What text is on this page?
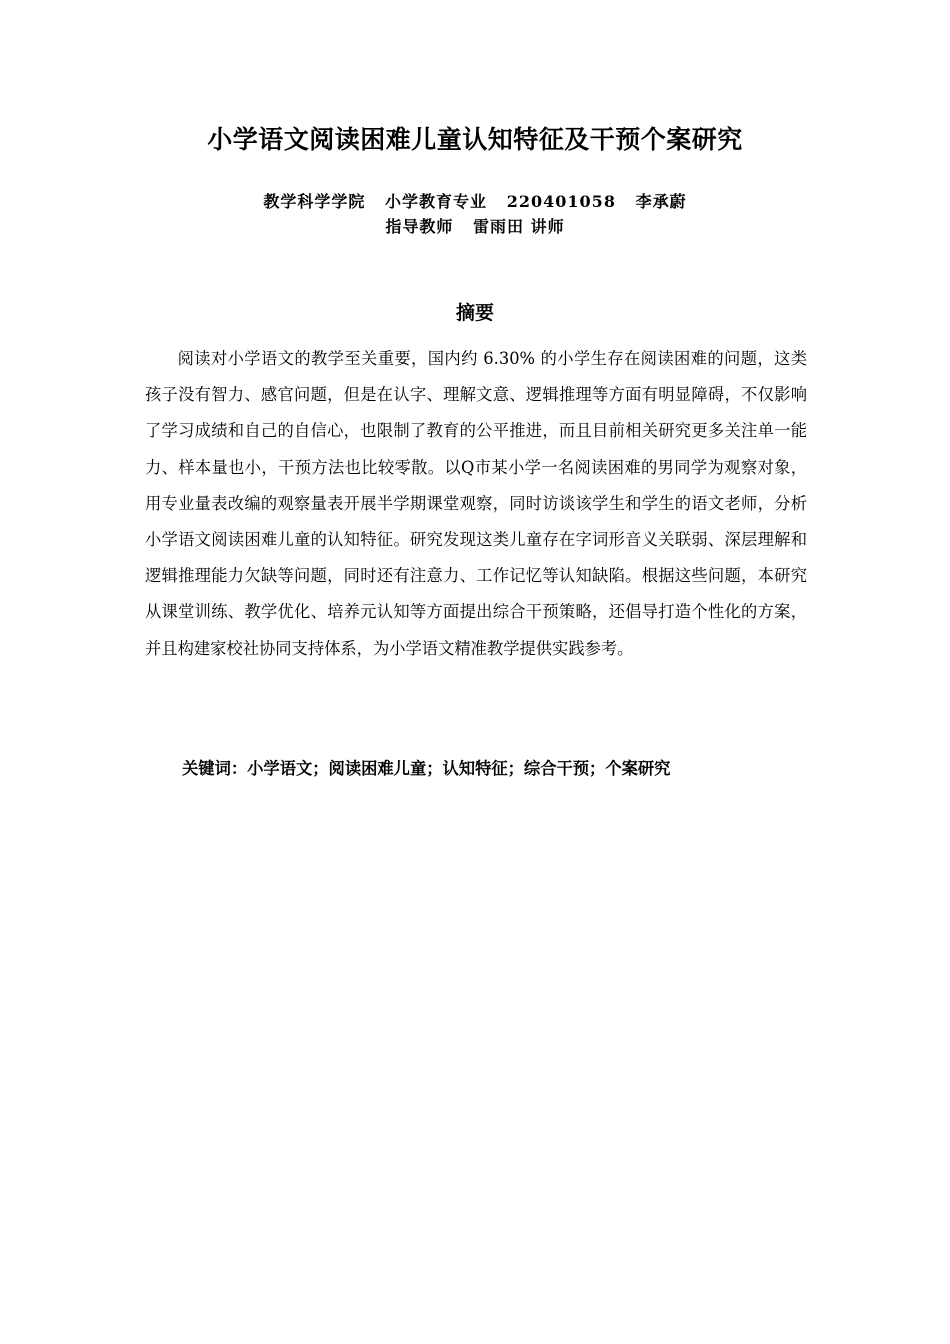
小学语文阅读困难儿童认知特征及干预个案研究
教学科学学院   小学教育专业   220401058   李承蔚
指导教师   雷雨田 讲师
摘要

阅读对小学语文的教学至关重要，国内约 6.30% 的小学生存在阅读困难的问题，这类孩子没有智力、感官问题，但是在认字、理解文意、逻辑推理等方面有明显障碍，不仅影响了学习成绩和自己的自信心，也限制了教育的公平推进，而且目前相关研究更多关注单一能力、样本量也小，干预方法也比较零散。以Q市某小学一名阅读困难的男同学为观察对象，用专业量表改编的观察量表开展半学期课堂观察，同时访谈该学生和学生的语文老师，分析小学语文阅读困难儿童的认知特征。研究发现这类儿童存在字词形音义关联弱、深层理解和逻辑推理能力欠缺等问题，同时还有注意力、工作记忆等认知缺陷。根据这些问题，本研究从课堂训练、教学优化、培养元认知等方面提出综合干预策略，还倡导打造个性化的方案，并且构建家校社协同支持体系，为小学语文精准教学提供实践参考。

关键词：小学语文；阅读困难儿童；认知特征；综合干预；个案研究
